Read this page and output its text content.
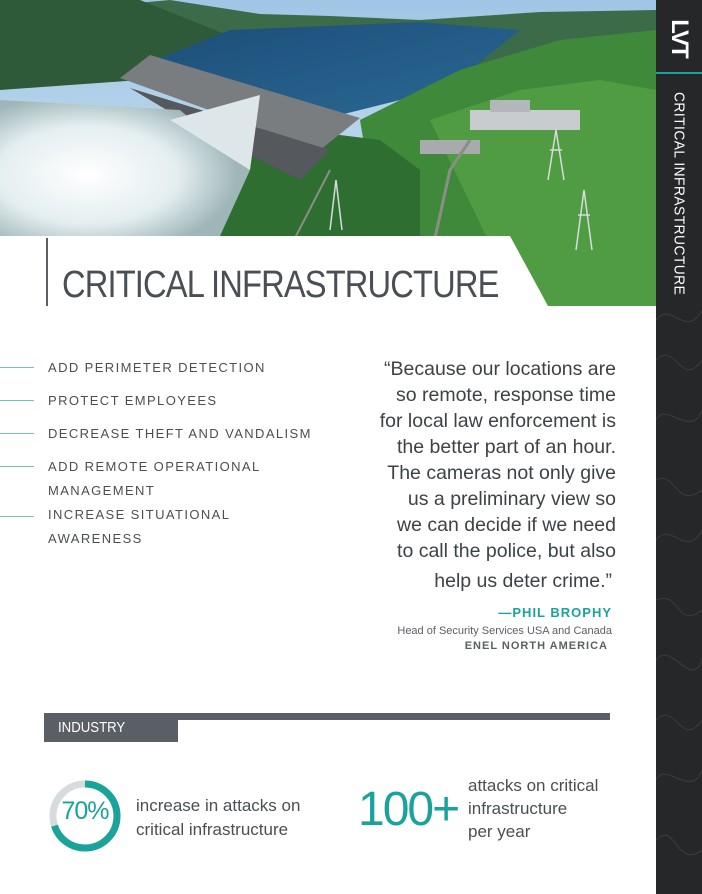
CRITICAL INFRASTRUCTURE
LVT
CRITICAL INFRASTRUCTURE
ADD PERIMETER DETECTION
PROTECT EMPLOYEES
DECREASE THEFT AND VANDALISM
ADD REMOTE OPERATIONAL MANAGEMENT
INCREASE SITUATIONAL AWARENESS
“Because our locations are
so remote, response time
for local law enforcement is
the better part of an hour.
The cameras not only give
us a preliminary view so
we can decide if we need
to call the police, but also
help us deter crime.”
—PHIL BROPHY
Head of Security Services USA and Canada
ENEL NORTH AMERICA
INDUSTRY STATS
70%	increase in attacks on
critical infrastructure 100+ attacks on critical
infrastructure
per year
